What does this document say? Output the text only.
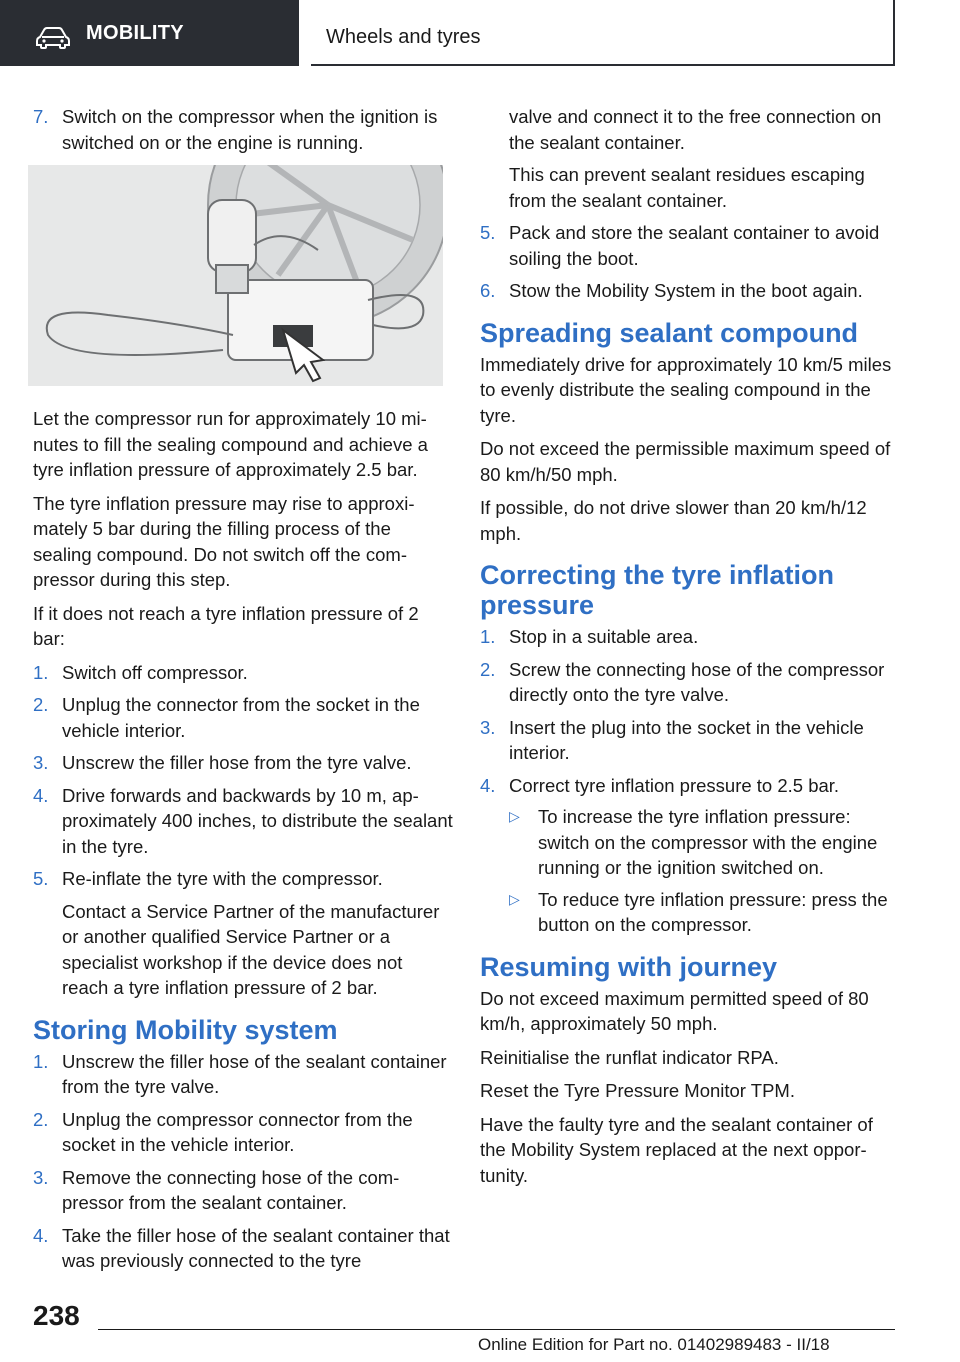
MOBILITY	Wheels and tyres
7. Switch on the compressor when the ignition is switched on or the engine is running.

Let the compressor run for approximately 10 minutes to fill the sealing compound and achieve a tyre inflation pressure of approximately 2.5 bar.

The tyre inflation pressure may rise to approximately 5 bar during the filling process of the sealing compound. Do not switch off the compressor during this step.

If it does not reach a tyre inflation pressure of 2 bar:

1. Switch off compressor.
2. Unplug the connector from the socket in the vehicle interior.
3. Unscrew the filler hose from the tyre valve.
4. Drive forwards and backwards by 10 m, approximately 400 inches, to distribute the sealant in the tyre.
5. Re-inflate the tyre with the compressor.

Contact a Service Partner of the manufacturer or another qualified Service Partner or a specialist workshop if the device does not reach a tyre inflation pressure of 2 bar.

Storing Mobility system
1. Unscrew the filler hose of the sealant container from the tyre valve.
2. Unplug the compressor connector from the socket in the vehicle interior.
3. Remove the connecting hose of the compressor from the sealant container.
4. Take the filler hose of the sealant container that was previously connected to the tyre

valve and connect it to the free connection on the sealant container.

This can prevent sealant residues escaping from the sealant container.

5. Pack and store the sealant container to avoid soiling the boot.
6. Stow the Mobility System in the boot again.
Spreading sealant compound

Immediately drive for approximately 10 km/5 miles to evenly distribute the sealing compound in the tyre.

Do not exceed the permissible maximum speed of 80 km/h/50 mph.

If possible, do not drive slower than 20 km/h/12 mph.

Correcting the tyre inflation pressure
1. Stop in a suitable area.
2. Screw the connecting hose of the compressor directly onto the tyre valve.
3. Insert the plug into the socket in the vehicle interior.
4. Correct tyre inflation pressure to 2.5 bar.
▷ To increase the tyre inflation pressure: switch on the compressor with the engine running or the ignition switched on.
▷ To reduce tyre inflation pressure: press the button on the compressor.
Resuming with journey

Do not exceed maximum permitted speed of 80 km/h, approximately 50 mph.

Reinitialise the runflat indicator RPA.

Reset the Tyre Pressure Monitor TPM.

Have the faulty tyre and the sealant container of the Mobility System replaced at the next opportunity.

238
Online Edition for Part no. 01402989483 - II/18
